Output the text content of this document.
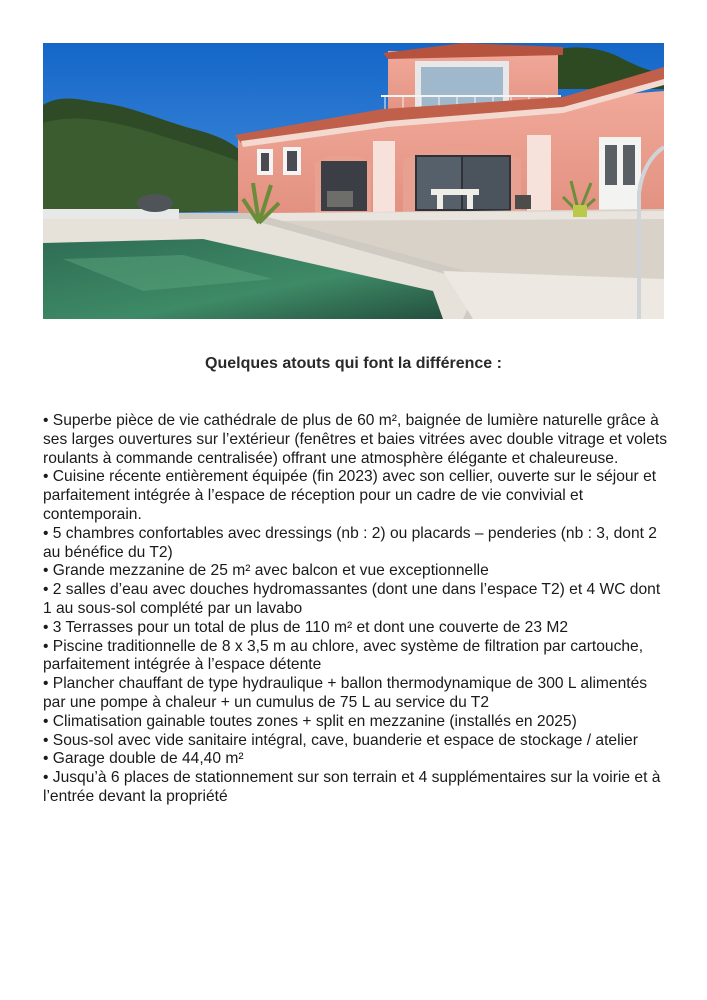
Quelques atouts qui font la différence :
• Superbe pièce de vie cathédrale de plus de 60 m², baignée de lumière naturelle grâce à ses larges ouvertures sur l’extérieur (fenêtres et baies vitrées avec double vitrage et volets roulants à commande centralisée) offrant une atmosphère élégante et chaleureuse.
• Cuisine récente entièrement équipée (fin 2023) avec son cellier, ouverte sur le séjour et parfaitement intégrée à l’espace de réception pour un cadre de vie convivial et contemporain.
• 5 chambres confortables avec dressings (nb : 2) ou placards – penderies (nb : 3, dont 2 au bénéfice du T2)
• Grande mezzanine de 25 m² avec balcon et vue exceptionnelle
• 2 salles d’eau avec douches hydromassantes (dont une dans l’espace T2) et 4 WC dont 1 au sous-sol complété par un lavabo
• 3 Terrasses pour un total de plus de 110 m² et dont une couverte de 23 M2
• Piscine traditionnelle de 8 x 3,5 m au chlore, avec système de filtration par cartouche, parfaitement intégrée à l’espace détente
• Plancher chauffant de type hydraulique + ballon thermodynamique de 300 L alimentés par une pompe à chaleur + un cumulus de 75 L au service du T2
• Climatisation gainable toutes zones + split en mezzanine (installés en 2025)
• Sous-sol avec vide sanitaire intégral, cave, buanderie et espace de stockage / atelier
• Garage double de 44,40 m²
• Jusqu’à 6 places de stationnement sur son terrain et 4 supplémentaires sur la voirie et à l’entrée devant la propriété
